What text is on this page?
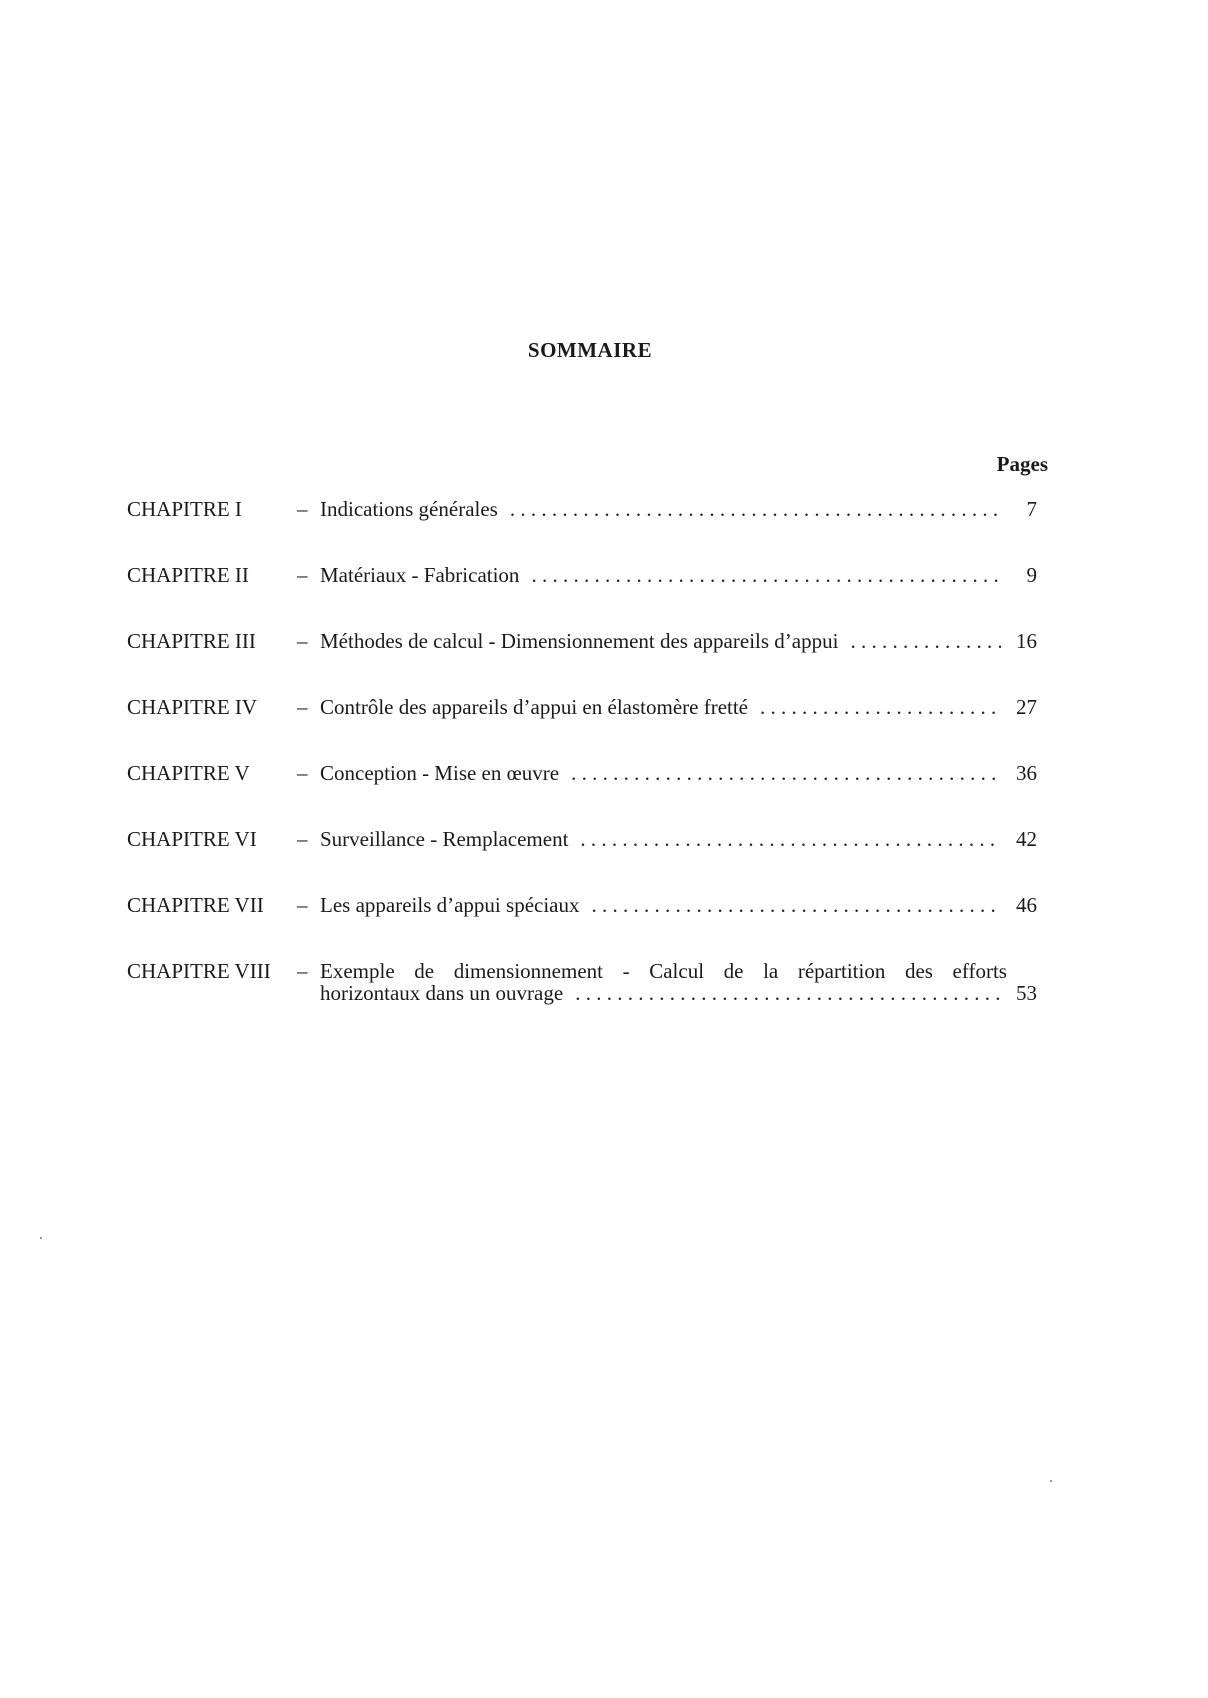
SOMMAIRE
Pages
CHAPITRE I	– Indications générales . . .	7
CHAPITRE II	– Matériaux - Fabrication . . .	9
CHAPITRE III	– Méthodes de calcul - Dimensionnement des appareils d’appui . . .	16
CHAPITRE IV	– Contrôle des appareils d’appui en élastomère fretté . . .	27
CHAPITRE V	– Conception - Mise en œuvre . . .	36
CHAPITRE VI	– Surveillance - Remplacement . . .	42
CHAPITRE VII	– Les appareils d’appui spéciaux . . .	46
CHAPITRE VIII	– Exemple de dimensionnement - Calcul de la répartition des efforts
horizontaux dans un ouvrage . . .	53
